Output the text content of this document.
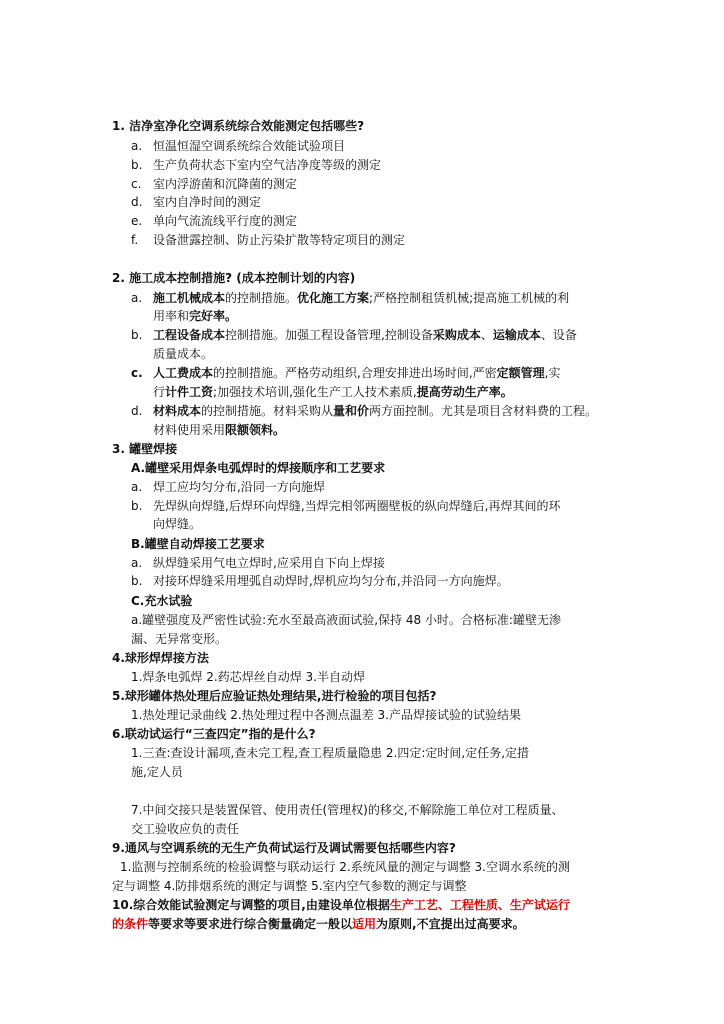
1. 洁净室净化空调系统综合效能测定包括哪些?
a. 恒温恒湿空调系统综合效能试验项目
b. 生产负荷状态下室内空气洁净度等级的测定
c. 室内浮游菌和沉降菌的测定
d. 室内自净时间的测定
e. 单向气流流线平行度的测定
f. 设备泄露控制、防止污染扩散等特定项目的测定
2. 施工成本控制措施? (成本控制计划的内容)
a. 施工机械成本的控制措施。优化施工方案;严格控制租赁机械;提高施工机械的利
用率和完好率。
b. 工程设备成本控制措施。加强工程设备管理,控制设备采购成本、运输成本、设备
质量成本。
c. 人工费成本的控制措施。严格劳动组织,合理安排进出场时间,严密定额管理,实
行计件工资;加强技术培训,强化生产工人技术素质,提高劳动生产率。
d. 材料成本的控制措施。材料采购从量和价两方面控制。尤其是项目含材料费的工程。
材料使用采用限额领料。
3. 罐壁焊接
A.罐壁采用焊条电弧焊时的焊接顺序和工艺要求
a. 焊工应均匀分布,沿同一方向施焊
b. 先焊纵向焊缝,后焊环向焊缝,当焊完相邻两圈壁板的纵向焊缝后,再焊其间的环
向焊缝。
B.罐壁自动焊接工艺要求
a. 纵焊缝采用气电立焊时,应采用自下向上焊接
b. 对接环焊缝采用埋弧自动焊时,焊机应均匀分布,并沿同一方向施焊。
C.充水试验
a.罐壁强度及严密性试验:充水至最高液面试验,保持 48 小时。合格标准:罐壁无渗
漏、无异常变形。
4.球形焊焊接方法
1.焊条电弧焊 2.药芯焊丝自动焊 3.半自动焊
5.球形罐体热处理后应验证热处理结果,进行检验的项目包括?
1.热处理记录曲线 2.热处理过程中各测点温差 3.产品焊接试验的试验结果
6.联动试运行“三查四定”指的是什么?
1.三查:查设计漏项,查未完工程,查工程质量隐患 2.四定:定时间,定任务,定措
施,定人员
7.中间交接只是装置保管、使用责任(管理权)的移交,不解除施工单位对工程质量、
交工验收应负的责任
9.通风与空调系统的无生产负荷试运行及调试需要包括哪些内容?
1.监测与控制系统的检验调整与联动运行 2.系统风量的测定与调整 3.空调水系统的测
定与调整 4.防排烟系统的测定与调整 5.室内空气参数的测定与调整
10.综合效能试验测定与调整的项目,由建设单位根据生产工艺、工程性质、生产试运行
的条件等要求等要求进行综合衡量确定一般以适用为原则,不宜提出过高要求。
